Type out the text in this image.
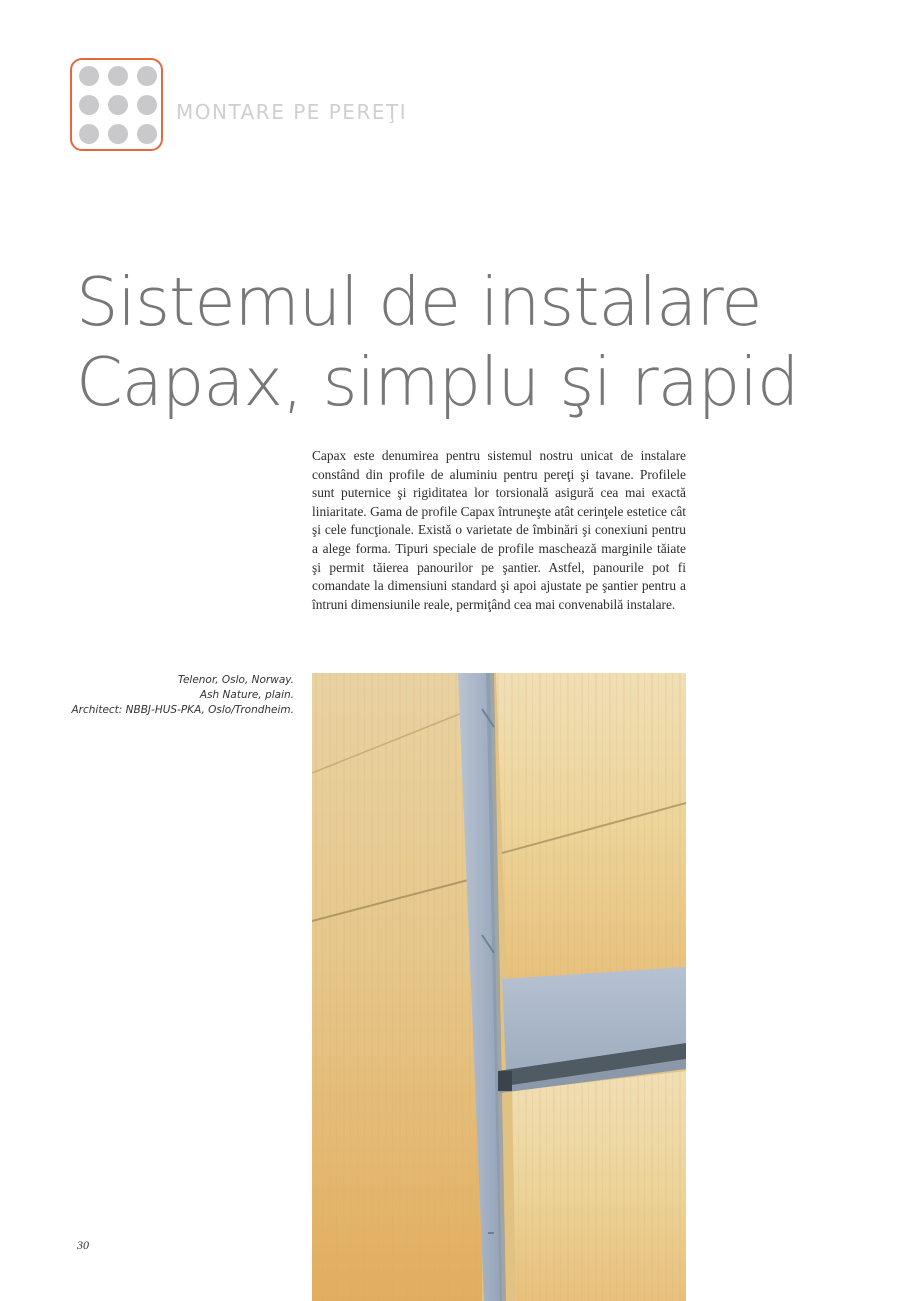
MONTARE PE PEREŢI
Sistemul de instalare
Capax, simplu şi rapid

Capax este denumirea pentru sistemul nostru unicat de instalare constând din profile de aluminiu pentru pereţi şi tavane. Profilele sunt puternice şi rigiditatea lor torsională asigură cea mai exactă liniaritate. Gama de profile Capax întruneşte atât cerinţele estetice cât şi cele funcţionale. Există o varietate de îmbinări şi conexiuni pentru a alege forma. Tipuri speciale de profile maschează marginile tăiate şi permit tăierea panourilor pe şantier. Astfel, panourile pot fi comandate la dimensiuni standard şi apoi ajustate pe şantier pentru a întruni dimensiunile reale, permiţând cea mai convenabilă instalare.

Telenor, Oslo, Norway.
Ash Nature, plain.
Architect: NBBJ-HUS-PKA, Oslo/Trondheim.
30
